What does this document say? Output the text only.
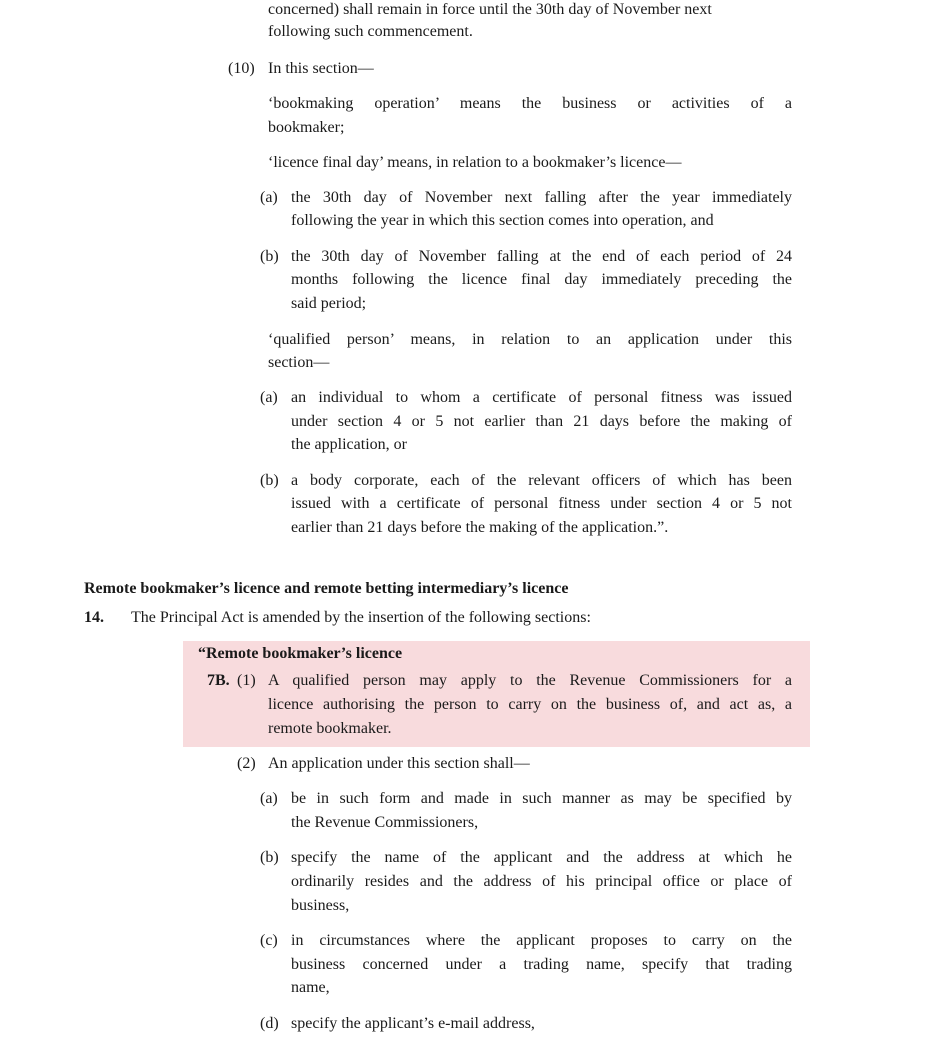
concerned) shall remain in force until the 30th day of November next
following such commencement.
(10) In this section—
‘bookmaking operation’ means the business or activities of a
bookmaker;
‘licence final day’ means, in relation to a bookmaker’s licence—
(a) the 30th day of November next falling after the year immediately
following the year in which this section comes into operation, and
(b) the 30th day of November falling at the end of each period of 24
months following the licence final day immediately preceding the
said period;
‘qualified person’ means, in relation to an application under this
section—
(a) an individual to whom a certificate of personal fitness was issued
under section 4 or 5 not earlier than 21 days before the making of
the application, or
(b) a body corporate, each of the relevant officers of which has been
issued with a certificate of personal fitness under section 4 or 5 not
earlier than 21 days before the making of the application.”.
Remote bookmaker’s licence and remote betting intermediary’s licence
14. The Principal Act is amended by the insertion of the following sections:
“Remote bookmaker’s licence
7B. (1) A qualified person may apply to the Revenue Commissioners for a
licence authorising the person to carry on the business of, and act as, a
remote bookmaker.
(2) An application under this section shall—
(a) be in such form and made in such manner as may be specified by
the Revenue Commissioners,
(b) specify the name of the applicant and the address at which he
ordinarily resides and the address of his principal office or place of
business,
(c) in circumstances where the applicant proposes to carry on the
business concerned under a trading name, specify that trading
name,
(d) specify the applicant’s e-mail address,
